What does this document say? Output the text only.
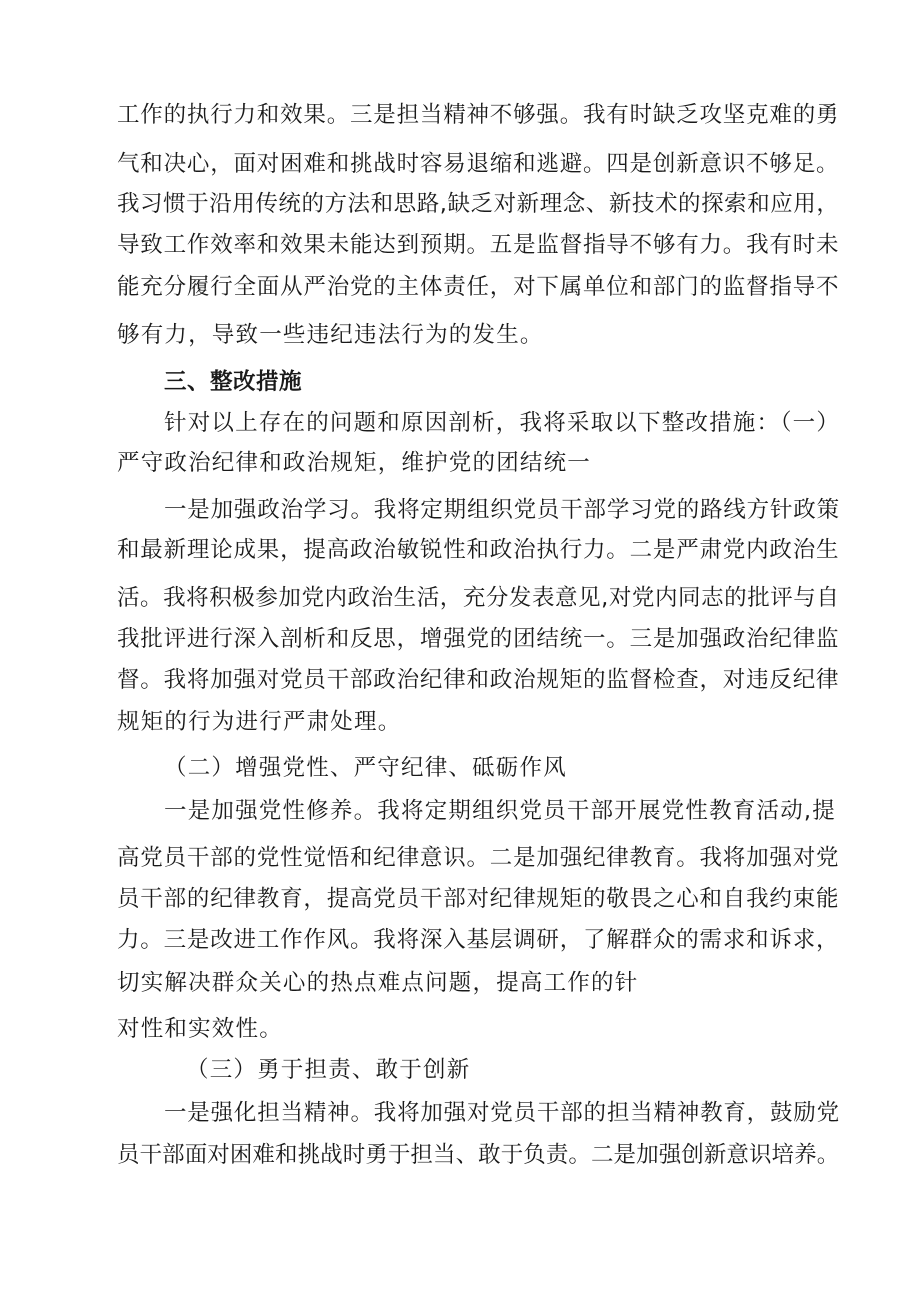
工作的执行力和效果。三是担当精神不够强。我有时缺乏攻坚克难的勇
气和决心，面对困难和挑战时容易退缩和逃避。四是创新意识不够足。
我习惯于沿用传统的方法和思路,缺乏对新理念、新技术的探索和应用，
导致工作效率和效果未能达到预期。五是监督指导不够有力。我有时未
能充分履行全面从严治党的主体责任，对下属单位和部门的监督指导不
够有力，导致一些违纪违法行为的发生。
三、整改措施
针对以上存在的问题和原因剖析，我将采取以下整改措施：（一）
严守政治纪律和政治规矩，维护党的团结统一
一是加强政治学习。我将定期组织党员干部学习党的路线方针政策
和最新理论成果，提高政治敏锐性和政治执行力。二是严肃党内政治生
活。我将积极参加党内政治生活，充分发表意见,对党内同志的批评与自
我批评进行深入剖析和反思，增强党的团结统一。三是加强政治纪律监
督。我将加强对党员干部政治纪律和政治规矩的监督检查，对违反纪律
规矩的行为进行严肃处理。
（二）增强党性、严守纪律、砥砺作风
一是加强党性修养。我将定期组织党员干部开展党性教育活动,提
高党员干部的党性觉悟和纪律意识。二是加强纪律教育。我将加强对党
员干部的纪律教育，提高党员干部对纪律规矩的敬畏之心和自我约束能
力。三是改进工作作风。我将深入基层调研，了解群众的需求和诉求，
切实解决群众关心的热点难点问题，提高工作的针
对性和实效性。
（三）勇于担责、敢于创新
一是强化担当精神。我将加强对党员干部的担当精神教育，鼓励党
员干部面对困难和挑战时勇于担当、敢于负责。二是加强创新意识培养。
